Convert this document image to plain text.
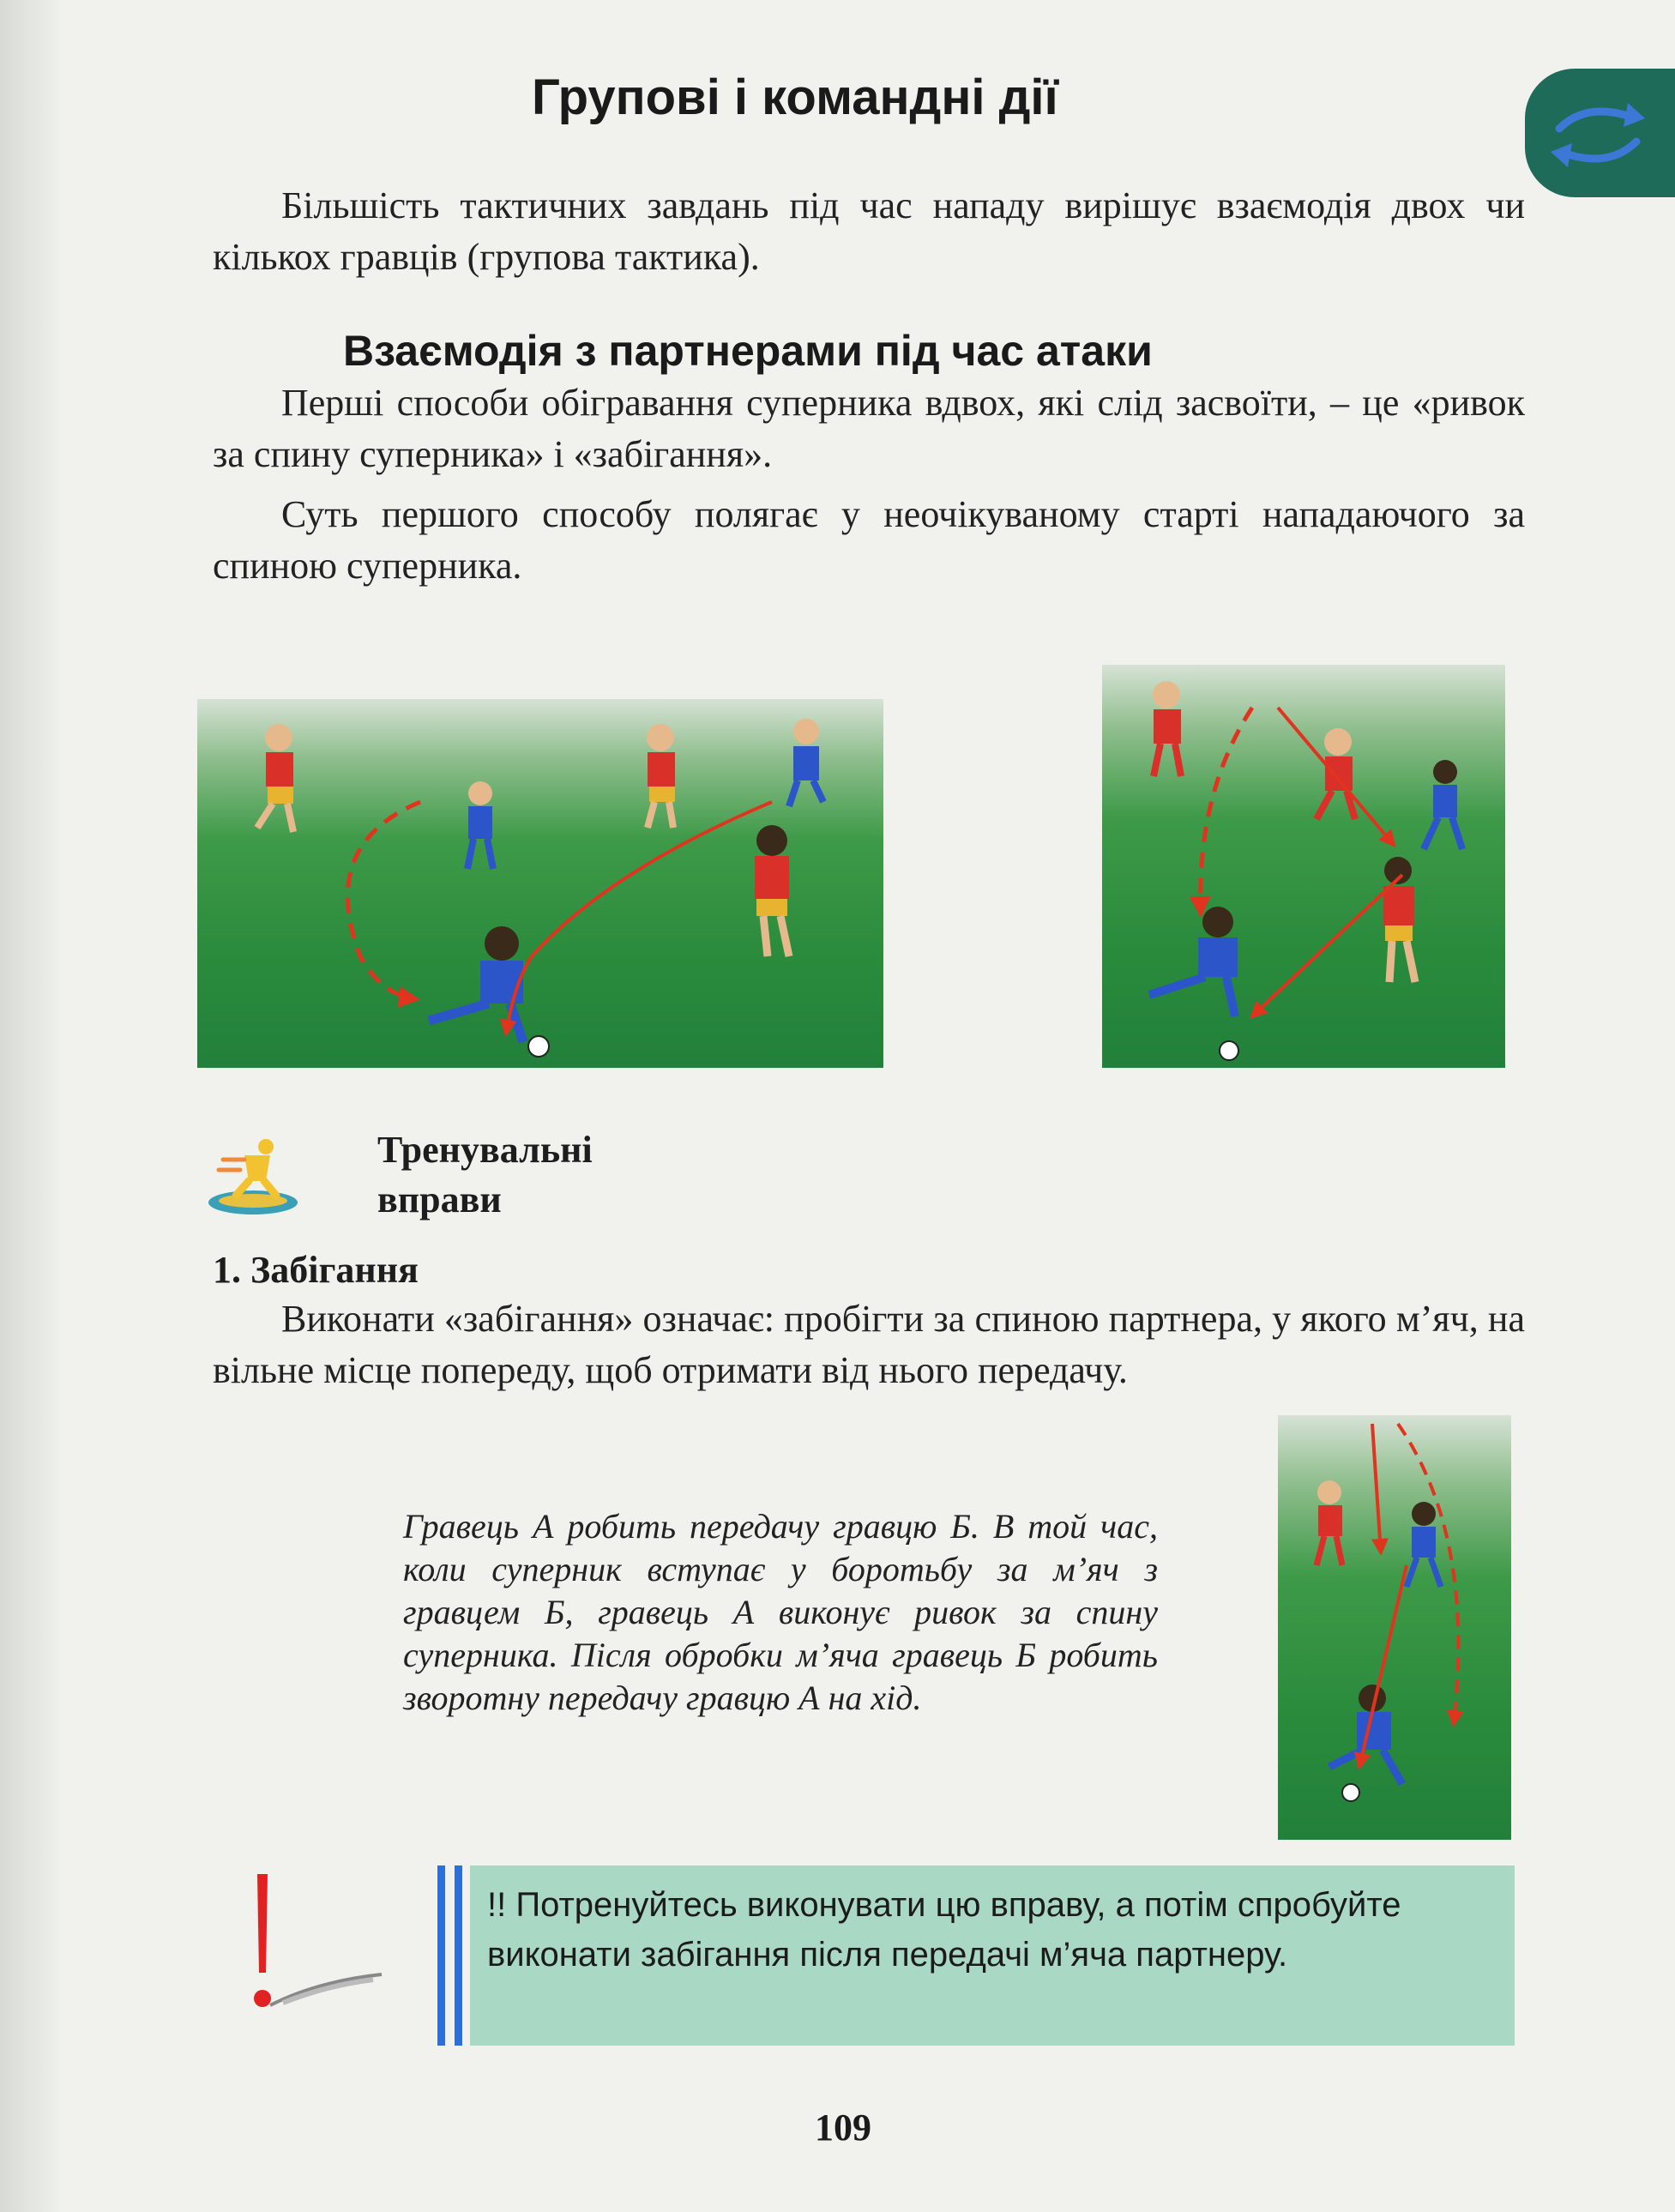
Групові і командні дії

Більшість тактичних завдань під час нападу вирішує взаємодія двох чи кількох гравців (групова тактика).

Взаємодія з партнерами під час атаки

Перші способи обігравання суперника вдвох, які слід засвоїти, – це «ривок за спину суперника» і «забігання».

Суть першого способу полягає у неочікуваному старті нападаючого за спиною суперника.

Тренувальні
вправи

1. Забігання

Виконати «забігання» означає: пробігти за спиною партнера, у якого м’яч, на вільне місце попереду, щоб отримати від нього передачу.

Гравець А робить передачу гравцю Б. В той час, коли суперник вступає у боротьбу за м’яч з гравцем Б, гравець А виконує ривок за спину суперника. Після обробки м’яча гравець Б робить зворотну передачу гравцю А на хід.

!! Потренуйтесь виконувати цю вправу, а потім спробуйте виконати забігання після передачі м’яча партнеру.

109
